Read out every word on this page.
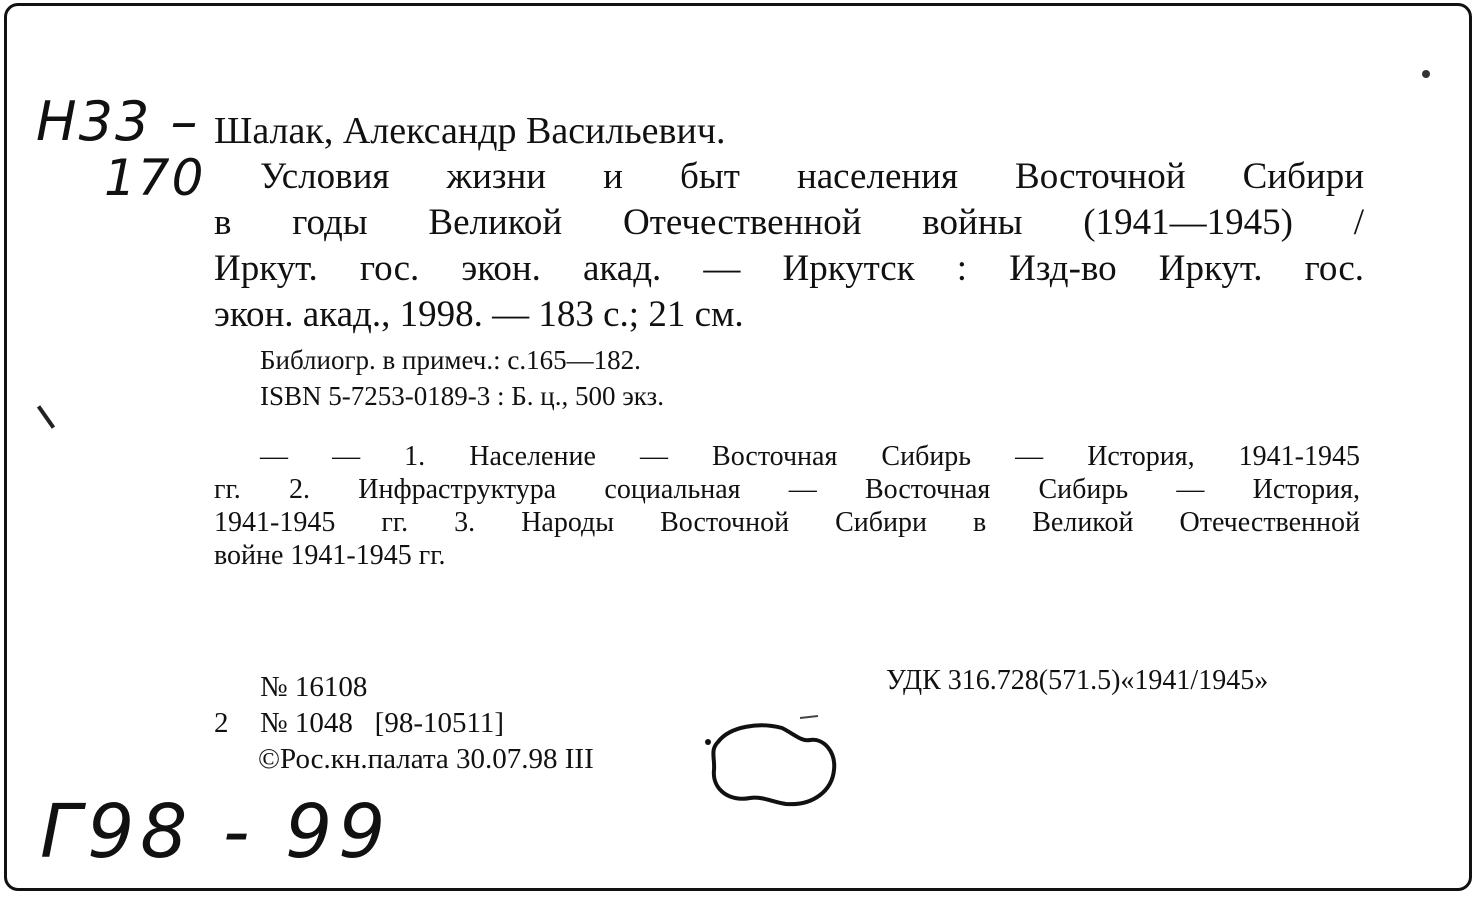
Н33 –
170
Шалак, Александр Васильевич.
Условия жизни и быт населения Восточной Сибири
в годы Великой Отечественной войны (1941—1945) /
Иркут. гос. экон. акад. — Иркутск : Изд-во Иркут. гос.
экон. акад., 1998. — 183 с.; 21 см.
Библиогр. в примеч.: с.165—182.
ISBN 5-7253-0189-3 : Б. ц., 500 экз.
— — 1. Население — Восточная Сибирь — История, 1941-1945
гг. 2. Инфраструктура социальная — Восточная Сибирь — История,
1941-1945 гг. 3. Народы Восточной Сибири в Великой Отечественной
войне 1941-1945 гг.
№ 16108
2 № 1048   [98-10511]
©Рос.кн.палата 30.07.98 III
УДК 316.728(571.5)«1941/1945»
Г98 - 99
